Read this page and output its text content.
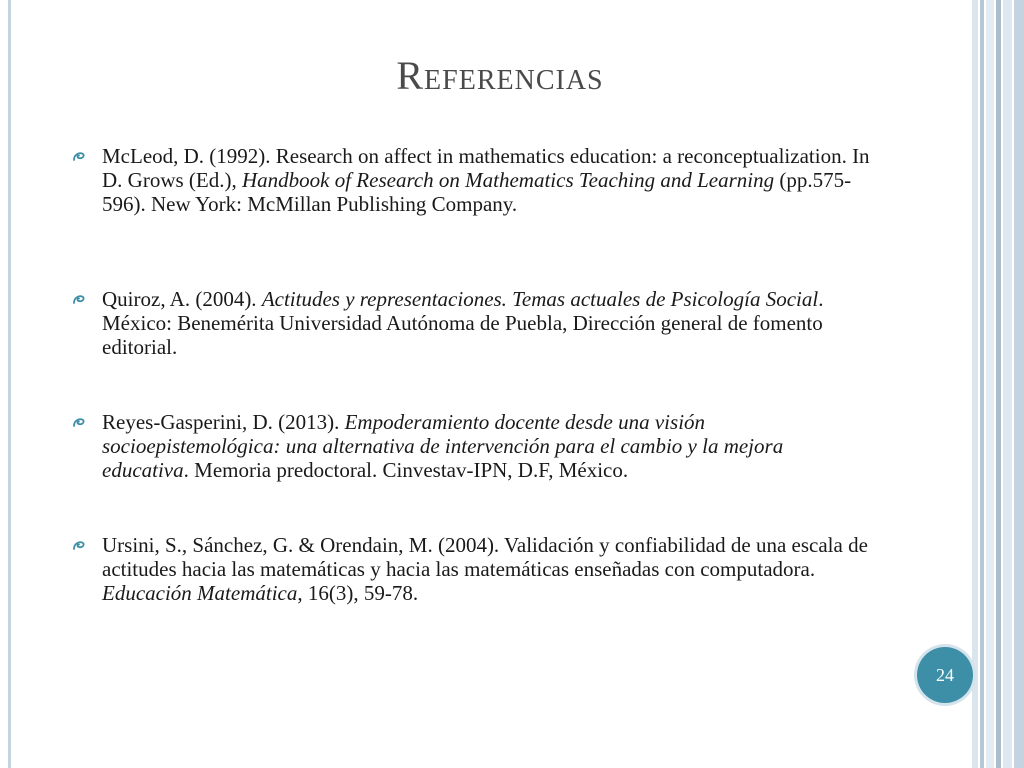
Referencias
McLeod, D. (1992). Research on affect in mathematics education: a reconceptualization. In D. Grows (Ed.), Handbook of Research on Mathematics Teaching and Learning (pp.575-596). New York: McMillan Publishing Company.
Quiroz, A. (2004). Actitudes y representaciones. Temas actuales de Psicología Social. México: Benemérita Universidad Autónoma de Puebla, Dirección general de fomento editorial.
Reyes-Gasperini, D. (2013). Empoderamiento docente desde una visión socioepistemológica: una alternativa de intervención para el cambio y la mejora educativa. Memoria predoctoral. Cinvestav-IPN, D.F, México.
Ursini, S., Sánchez, G. & Orendain, M. (2004). Validación y confiabilidad de una escala de actitudes hacia las matemáticas y hacia las matemáticas enseñadas con computadora. Educación Matemática, 16(3), 59-78.
24
